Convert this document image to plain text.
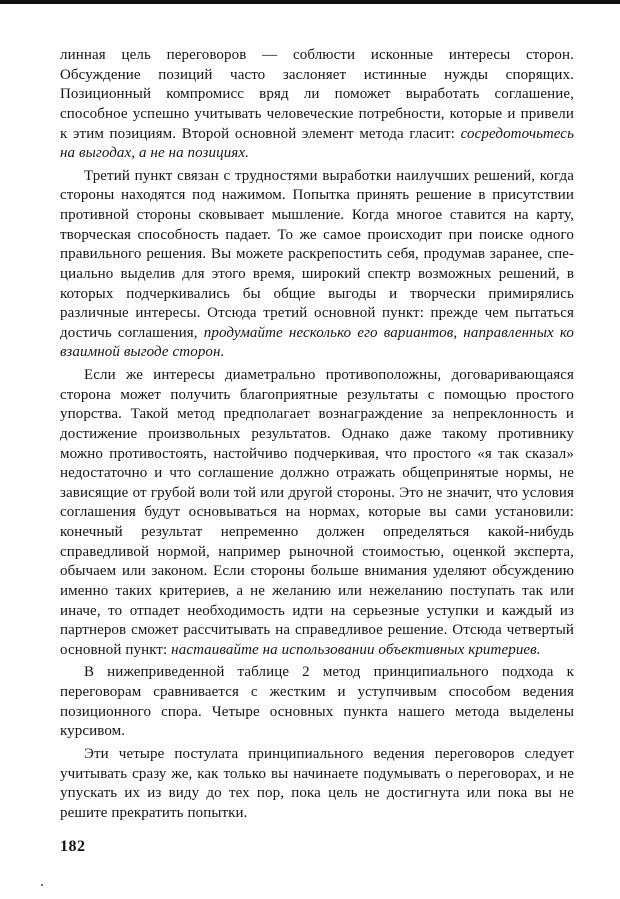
линная цель переговоров — соблюсти исконные интересы сторон. Обсуждение позиций часто заслоняет истинные нужды спорящих. Позиционный компромисс вряд ли поможет выработать соглашение, способное успешно учитывать человеческие потребности, которые и привели к этим позициям. Второй основной элемент метода гласит: сосредоточьтесь на выгодах, а не на позициях.

Третий пункт связан с трудностями выработки наилучших решений, когда стороны находятся под нажимом. Попытка принять решение в присутствии противной стороны сковывает мышление. Когда многое ставится на карту, творческая способность падает. То же самое происходит при поиске одного правильного решения. Вы можете раскрепостить себя, продумав заранее, специально выделив для этого время, широкий спектр возможных решений, в которых подчеркивались бы общие выгоды и творчески примирялись различные интересы. Отсюда третий основной пункт: прежде чем пытаться достичь соглашения, продумайте несколько его вариантов, направленных ко взаимной выгоде сторон.

Если же интересы диаметрально противоположны, договаривающаяся сторона может получить благоприятные результаты с помощью простого упорства. Такой метод предполагает вознаграждение за непреклонность и достижение произвольных результатов. Однако даже такому противнику можно противостоять, настойчиво подчеркивая, что простого «я так сказал» недостаточно и что соглашение должно отражать общепринятые нормы, не зависящие от грубой воли той или другой стороны. Это не значит, что условия соглашения будут основываться на нормах, которые вы сами установили: конечный результат непременно должен определяться какой-нибудь справедливой нормой, например рыночной стоимостью, оценкой эксперта, обычаем или законом. Если стороны больше внимания уделяют обсуждению именно таких критериев, а не желанию или нежеланию поступать так или иначе, то отпадет необходимость идти на серьезные уступки и каждый из партнеров сможет рассчитывать на справедливое решение. Отсюда четвертый основной пункт: настаивайте на использовании объективных критериев.

В нижеприведенной таблице 2 метод принципиального подхода к переговорам сравнивается с жестким и уступчивым способом ведения позиционного спора. Четыре основных пункта нашего метода выделены курсивом.

Эти четыре постулата принципиального ведения переговоров следует учитывать сразу же, как только вы начинаете подумывать о переговорах, и не упускать их из виду до тех пор, пока цель не достигнута или пока вы не решите прекратить попытки.

182
